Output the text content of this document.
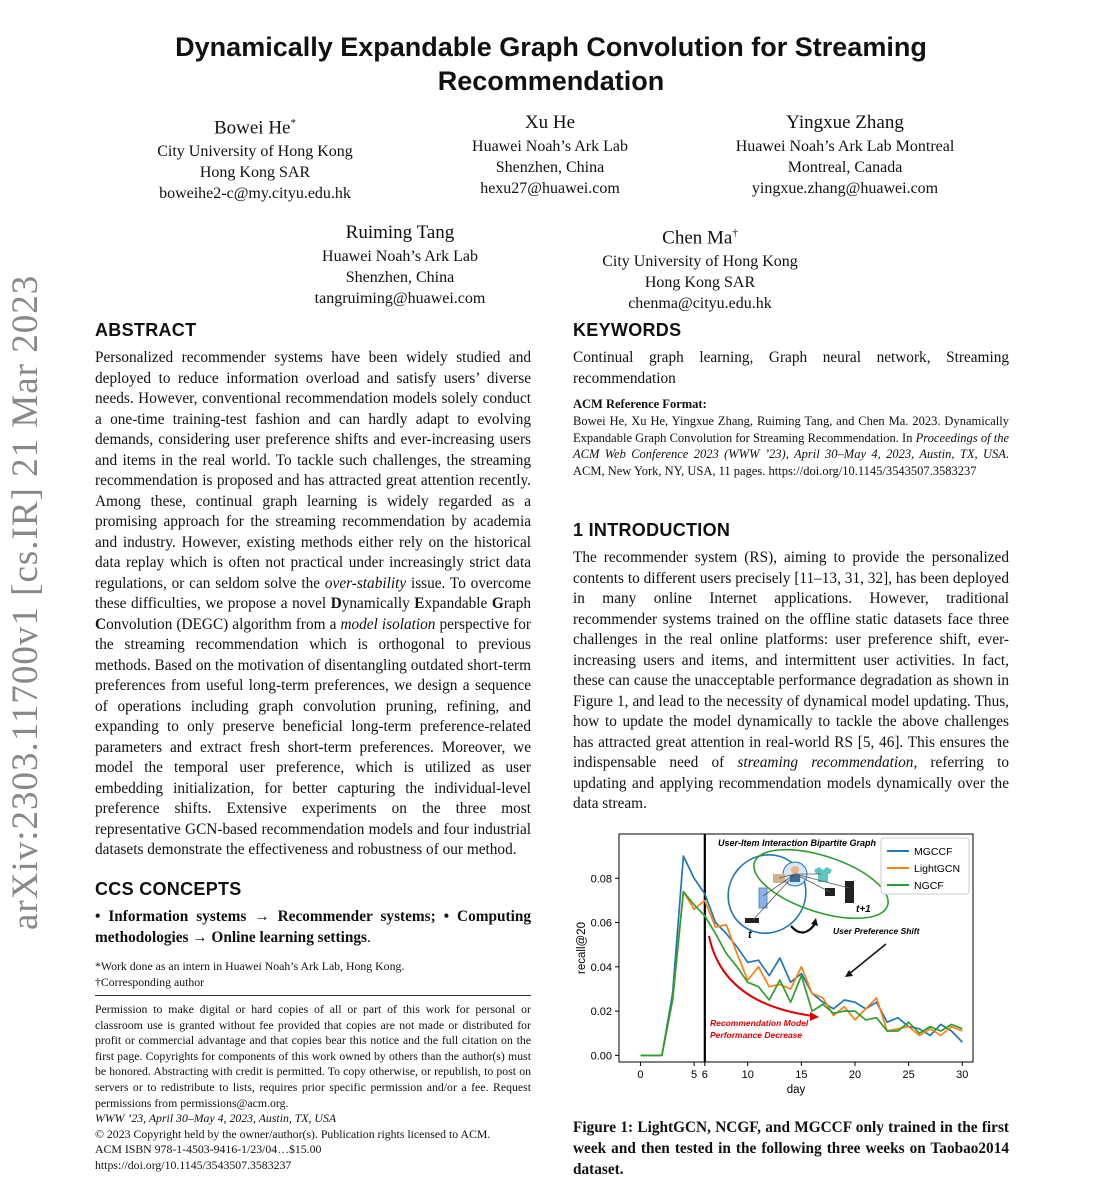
arXiv:2303.11700v1 [cs.IR] 21 Mar 2023
Dynamically Expandable Graph Convolution for Streaming
Recommendation
Bowei He*
City University of Hong Kong
Hong Kong SAR
boweihe2-c@my.cityu.edu.hk
Xu He
Huawei Noah’s Ark Lab
Shenzhen, China
hexu27@huawei.com
Yingxue Zhang
Huawei Noah’s Ark Lab Montreal
Montreal, Canada
yingxue.zhang@huawei.com
Ruiming Tang
Huawei Noah’s Ark Lab
Shenzhen, China
tangruiming@huawei.com
Chen Ma†
City University of Hong Kong
Hong Kong SAR
chenma@cityu.edu.hk
ABSTRACT
Personalized recommender systems have been widely studied and deployed to reduce information overload and satisfy users’ diverse needs. However, conventional recommendation models solely conduct a one-time training-test fashion and can hardly adapt to evolving demands, considering user preference shifts and ever-increasing users and items in the real world. To tackle such challenges, the streaming recommendation is proposed and has attracted great attention recently. Among these, continual graph learning is widely regarded as a promising approach for the streaming recommendation by academia and industry. However, existing methods either rely on the historical data replay which is often not practical under increasingly strict data regulations, or can seldom solve the over-stability issue. To overcome these difficulties, we propose a novel Dynamically Expandable Graph Convolution (DEGC) algorithm from a model isolation perspective for the streaming recommendation which is orthogonal to previous methods. Based on the motivation of disentangling outdated short-term preferences from useful long-term preferences, we design a sequence of operations including graph convolution pruning, refining, and expanding to only preserve beneficial long-term preference-related parameters and extract fresh short-term preferences. Moreover, we model the temporal user preference, which is utilized as user embedding initialization, for better capturing the individual-level preference shifts. Extensive experiments on the three most representative GCN-based recommendation models and four industrial datasets demonstrate the effectiveness and robustness of our method.
CCS CONCEPTS
• Information systems → Recommender systems; • Computing methodologies → Online learning settings.
*Work done as an intern in Huawei Noah’s Ark Lab, Hong Kong.
†Corresponding author
Permission to make digital or hard copies of all or part of this work for personal or classroom use is granted without fee provided that copies are not made or distributed for profit or commercial advantage and that copies bear this notice and the full citation on the first page. Copyrights for components of this work owned by others than the author(s) must be honored. Abstracting with credit is permitted. To copy otherwise, or republish, to post on servers or to redistribute to lists, requires prior specific permission and/or a fee. Request permissions from permissions@acm.org.
WWW ’23, April 30–May 4, 2023, Austin, TX, USA
© 2023 Copyright held by the owner/author(s). Publication rights licensed to ACM.
ACM ISBN 978-1-4503-9416-1/23/04…$15.00
https://doi.org/10.1145/3543507.3583237
KEYWORDS
Continual graph learning, Graph neural network, Streaming recommendation
ACM Reference Format:
Bowei He, Xu He, Yingxue Zhang, Ruiming Tang, and Chen Ma. 2023. Dynamically Expandable Graph Convolution for Streaming Recommendation. In Proceedings of the ACM Web Conference 2023 (WWW ’23), April 30–May 4, 2023, Austin, TX, USA. ACM, New York, NY, USA, 11 pages. https://doi.org/10.1145/3543507.3583237
1 INTRODUCTION
The recommender system (RS), aiming to provide the personalized contents to different users precisely [11–13, 31, 32], has been deployed in many online Internet applications. However, traditional recommender systems trained on the offline static datasets face three challenges in the real online platforms: user preference shift, ever-increasing users and items, and intermittent user activities. In fact, these can cause the unacceptable performance degradation as shown in Figure 1, and lead to the necessity of dynamical model updating. Thus, how to update the model dynamically to tackle the above challenges has attracted great attention in real-world RS [5, 46]. This ensures the indispensable need of streaming recommendation, referring to updating and applying recommendation models dynamically over the data stream.
0	5 6	10	15	20	25	30
0.00
0.02
0.04
0.06
0.08
day
recall@20
User-Item Interaction Bipartite Graph
t
t+1
User Preference Shift
Recommendation Model
Performance Decrease
MGCCF
LightGCN
NGCF
Figure 1: LightGCN, NCGF, and MGCCF only trained in the first week and then tested in the following three weeks on Taobao2014 dataset.
